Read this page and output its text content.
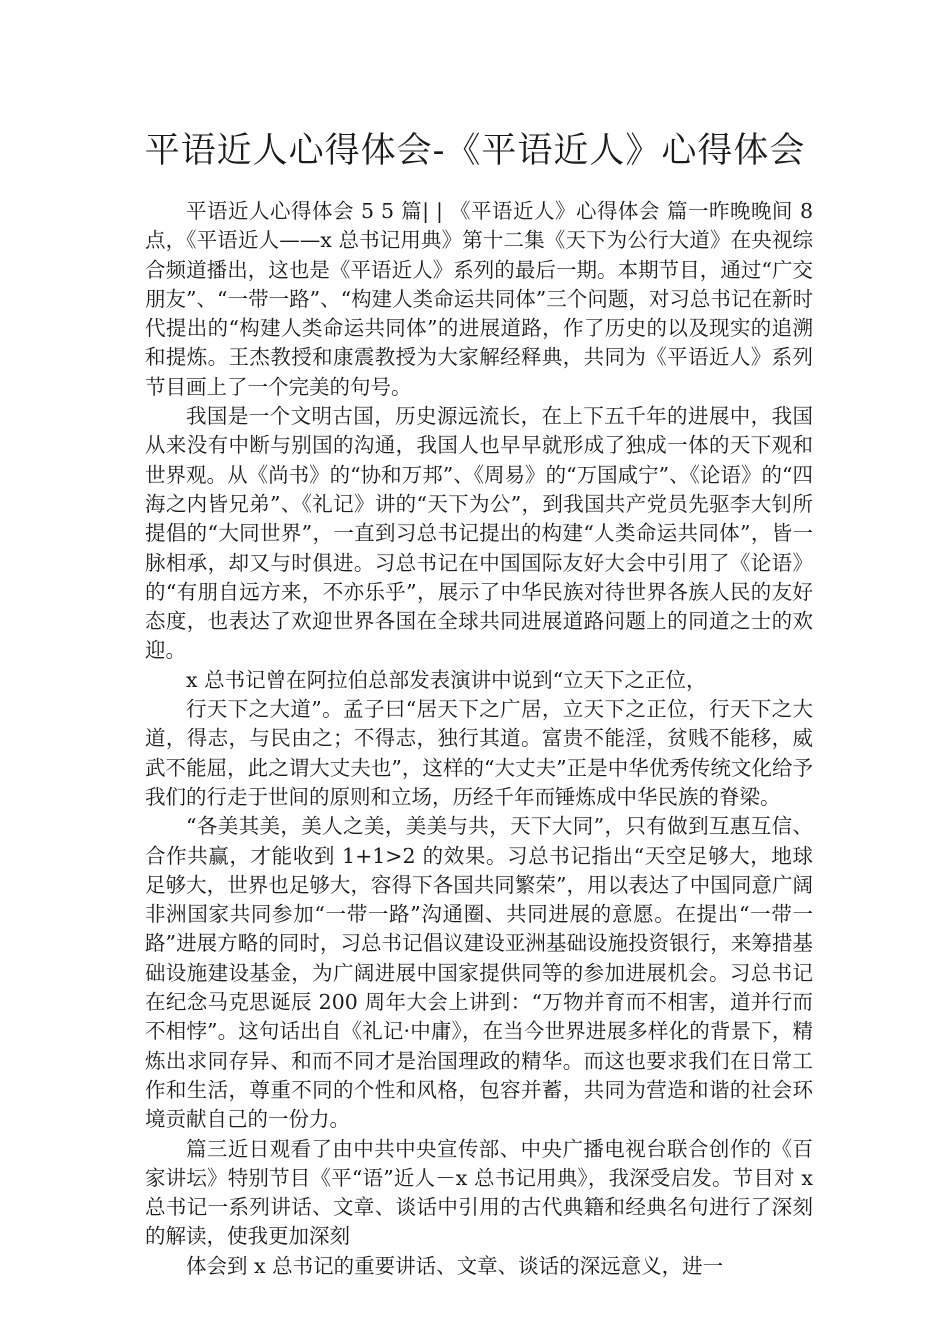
平语近人心得体会-《平语近人》心得体会

平语近人心得体会 5 5 篇| | 《平语近人》心得体会 篇一昨晚晚间 8 点，《平语近人——x 总书记用典》第十二集《天下为公行大道》在央视综合频道播出，这也是《平语近人》系列的最后一期。本期节目，通过“广交朋友”、“一带一路”、“构建人类命运共同体”三个问题，对习总书记在新时代提出的“构建人类命运共同体”的进展道路，作了历史的以及现实的追溯和提炼。王杰教授和康震教授为大家解经释典，共同为《平语近人》系列节目画上了一个完美的句号。

我国是一个文明古国，历史源远流长，在上下五千年的进展中，我国从来没有中断与别国的沟通，我国人也早早就形成了独成一体的天下观和世界观。从《尚书》的“协和万邦”、《周易》的“万国咸宁”、《论语》的“四海之内皆兄弟”、《礼记》讲的“天下为公”，到我国共产党员先驱李大钊所提倡的“大同世界”，一直到习总书记提出的构建“人类命运共同体”，皆一脉相承，却又与时俱进。习总书记在中国国际友好大会中引用了《论语》的“有朋自远方来，不亦乐乎”，展示了中华民族对待世界各族人民的友好态度，也表达了欢迎世界各国在全球共同进展道路问题上的同道之士的欢迎。

x 总书记曾在阿拉伯总部发表演讲中说到“立天下之正位，

行天下之大道”。孟子曰“居天下之广居，立天下之正位，行天下之大道，得志，与民由之；不得志，独行其道。富贵不能淫，贫贱不能移，威武不能屈，此之谓大丈夫也”，这样的“大丈夫”正是中华优秀传统文化给予我们的行走于世间的原则和立场，历经千年而锤炼成中华民族的脊梁。

“各美其美，美人之美，美美与共，天下大同”，只有做到互惠互信、合作共赢，才能收到 1+1>2 的效果。习总书记指出“天空足够大，地球足够大，世界也足够大，容得下各国共同繁荣”，用以表达了中国同意广阔非洲国家共同参加“一带一路”沟通圈、共同进展的意愿。在提出“一带一路”进展方略的同时，习总书记倡议建设亚洲基础设施投资银行，来筹措基础设施建设基金，为广阔进展中国家提供同等的参加进展机会。习总书记在纪念马克思诞辰 200 周年大会上讲到：“万物并育而不相害，道并行而不相悖”。这句话出自《礼记·中庸》，在当今世界进展多样化的背景下，精炼出求同存异、和而不同才是治国理政的精华。而这也要求我们在日常工作和生活，尊重不同的个性和风格，包容并蓄，共同为营造和谐的社会环境贡献自己的一份力。

篇三近日观看了由中共中央宣传部、中央广播电视台联合创作的《百家讲坛》特别节目《平“语”近人－x 总书记用典》，我深受启发。节目对 x 总书记一系列讲话、文章、谈话中引用的古代典籍和经典名句进行了深刻的解读，使我更加深刻

体会到 x 总书记的重要讲话、文章、谈话的深远意义，进一
